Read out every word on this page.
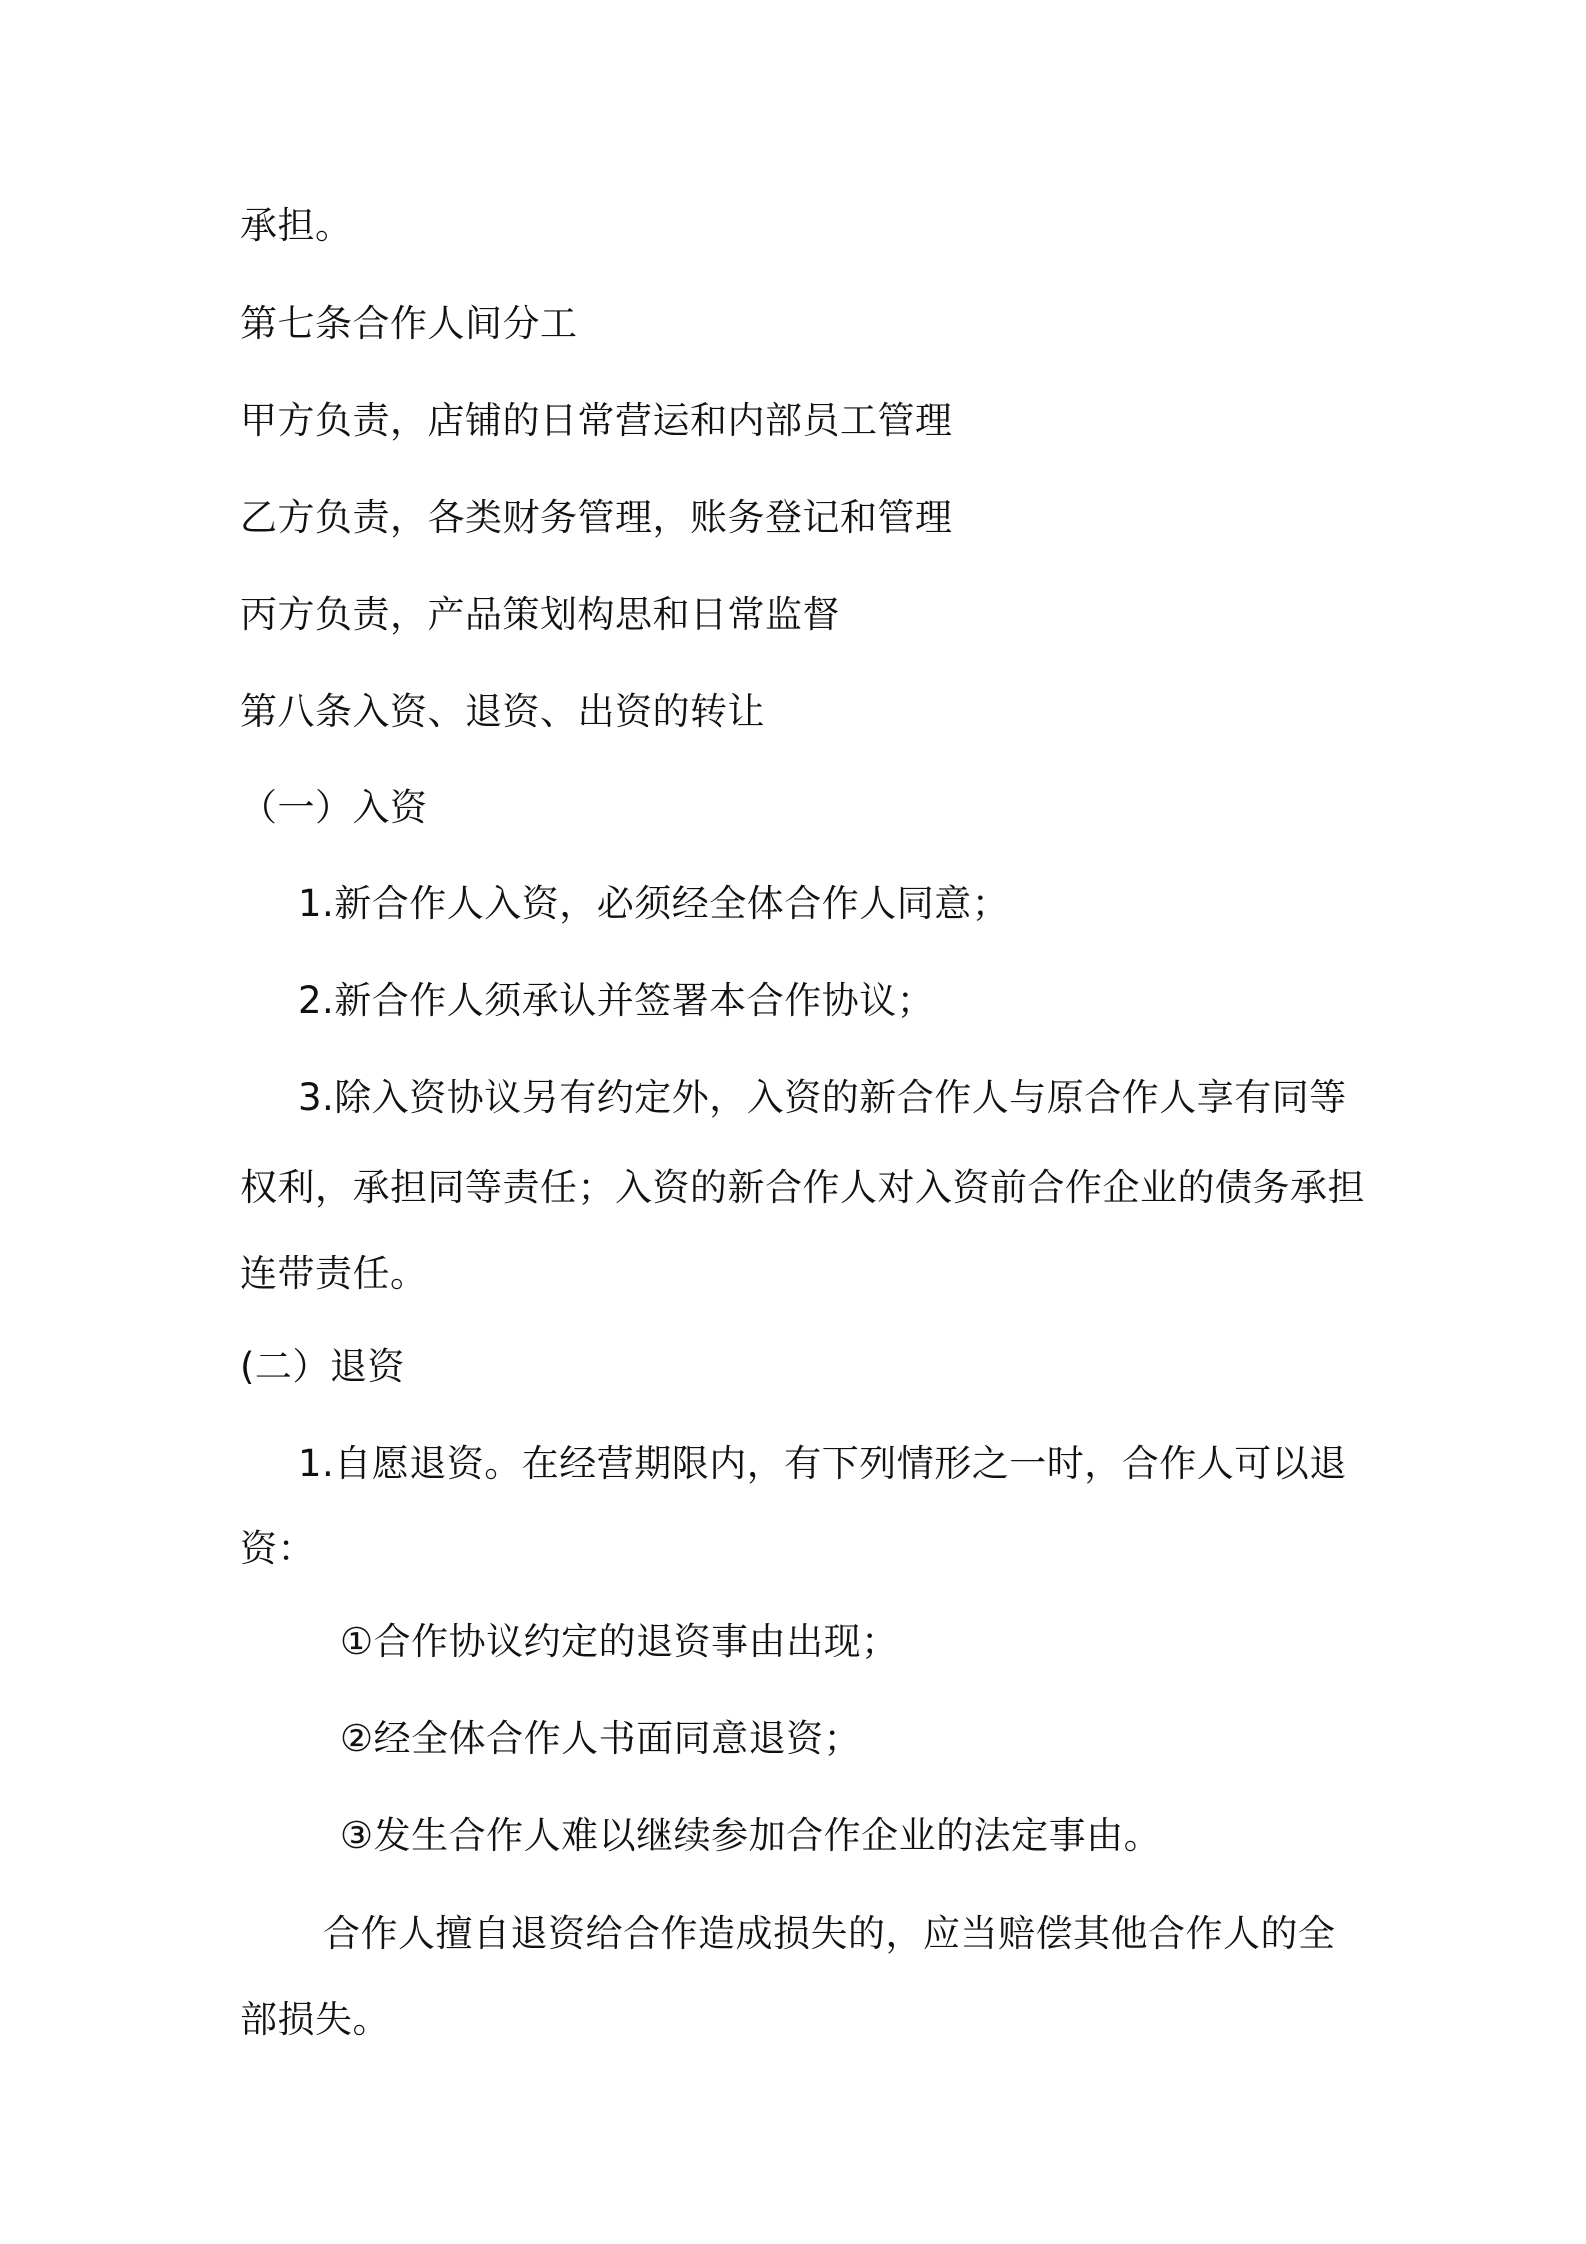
承担。

第七条合作人间分工

甲方负责，店铺的日常营运和内部员工管理

乙方负责，各类财务管理，账务登记和管理

丙方负责，产品策划构思和日常监督

第八条入资、退资、出资的转让

（一）入资

1.新合作人入资，必须经全体合作人同意；

2.新合作人须承认并签署本合作协议；

3.除入资协议另有约定外，入资的新合作人与原合作人享有同等

权利，承担同等责任；入资的新合作人对入资前合作企业的债务承担

连带责任。

(二）退资

1.自愿退资。在经营期限内，有下列情形之一时，合作人可以退

资：

①合作协议约定的退资事由出现；

②经全体合作人书面同意退资；

③发生合作人难以继续参加合作企业的法定事由。

合作人擅自退资给合作造成损失的，应当赔偿其他合作人的全

部损失。
